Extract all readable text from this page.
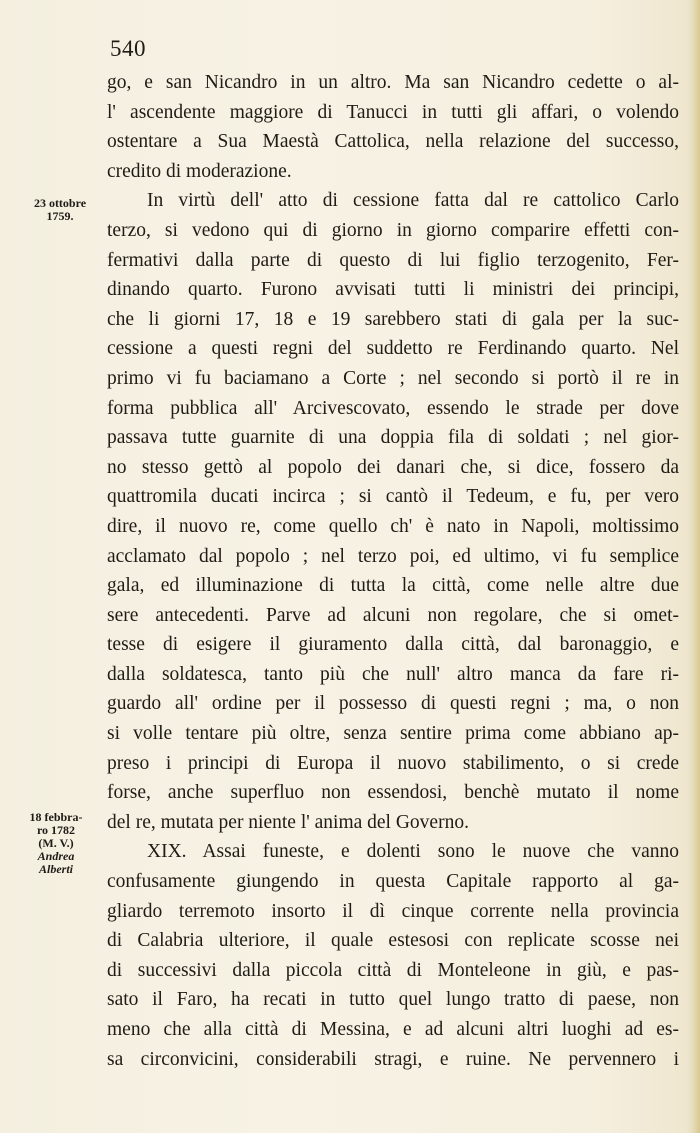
540
23 ottobre
1759.
18 febbra-
ro 1782
(M. V.)
Andrea
Alberti
go, e san Nicandro in un altro. Ma san Nicandro cedette o al-
l' ascendente maggiore di Tanucci in tutti gli affari, o volendo
ostentare a Sua Maestà Cattolica, nella relazione del successo,
credito di moderazione.
In virtù dell' atto di cessione fatta dal re cattolico Carlo
terzo, si vedono qui di giorno in giorno comparire effetti con-
fermativi dalla parte di questo di lui figlio terzogenito, Fer-
dinando quarto. Furono avvisati tutti li ministri dei principi,
che li giorni 17, 18 e 19 sarebbero stati di gala per la suc-
cessione a questi regni del suddetto re Ferdinando quarto. Nel
primo vi fu baciamano a Corte ; nel secondo si portò il re in
forma pubblica all' Arcivescovato, essendo le strade per dove
passava tutte guarnite di una doppia fila di soldati ; nel gior-
no stesso gettò al popolo dei danari che, si dice, fossero da
quattromila ducati incirca ; si cantò il Tedeum, e fu, per vero
dire, il nuovo re, come quello ch' è nato in Napoli, moltissimo
acclamato dal popolo ; nel terzo poi, ed ultimo, vi fu semplice
gala, ed illuminazione di tutta la città, come nelle altre due
sere antecedenti. Parve ad alcuni non regolare, che si omet-
tesse di esigere il giuramento dalla città, dal baronaggio, e
dalla soldatesca, tanto più che null' altro manca da fare ri-
guardo all' ordine per il possesso di questi regni ; ma, o non
si volle tentare più oltre, senza sentire prima come abbiano ap-
preso i principi di Europa il nuovo stabilimento, o si crede
forse, anche superfluo non essendosi, benchè mutato il nome
del re, mutata per niente l' anima del Governo.
XIX. Assai funeste, e dolenti sono le nuove che vanno
confusamente giungendo in questa Capitale rapporto al ga-
gliardo terremoto insorto il dì cinque corrente nella provincia
di Calabria ulteriore, il quale estesosi con replicate scosse nei
di successivi dalla piccola città di Monteleone in giù, e pas-
sato il Faro, ha recati in tutto quel lungo tratto di paese, non
meno che alla città di Messina, e ad alcuni altri luoghi ad es-
sa circonvicini, considerabili stragi, e ruine. Ne pervennero i
